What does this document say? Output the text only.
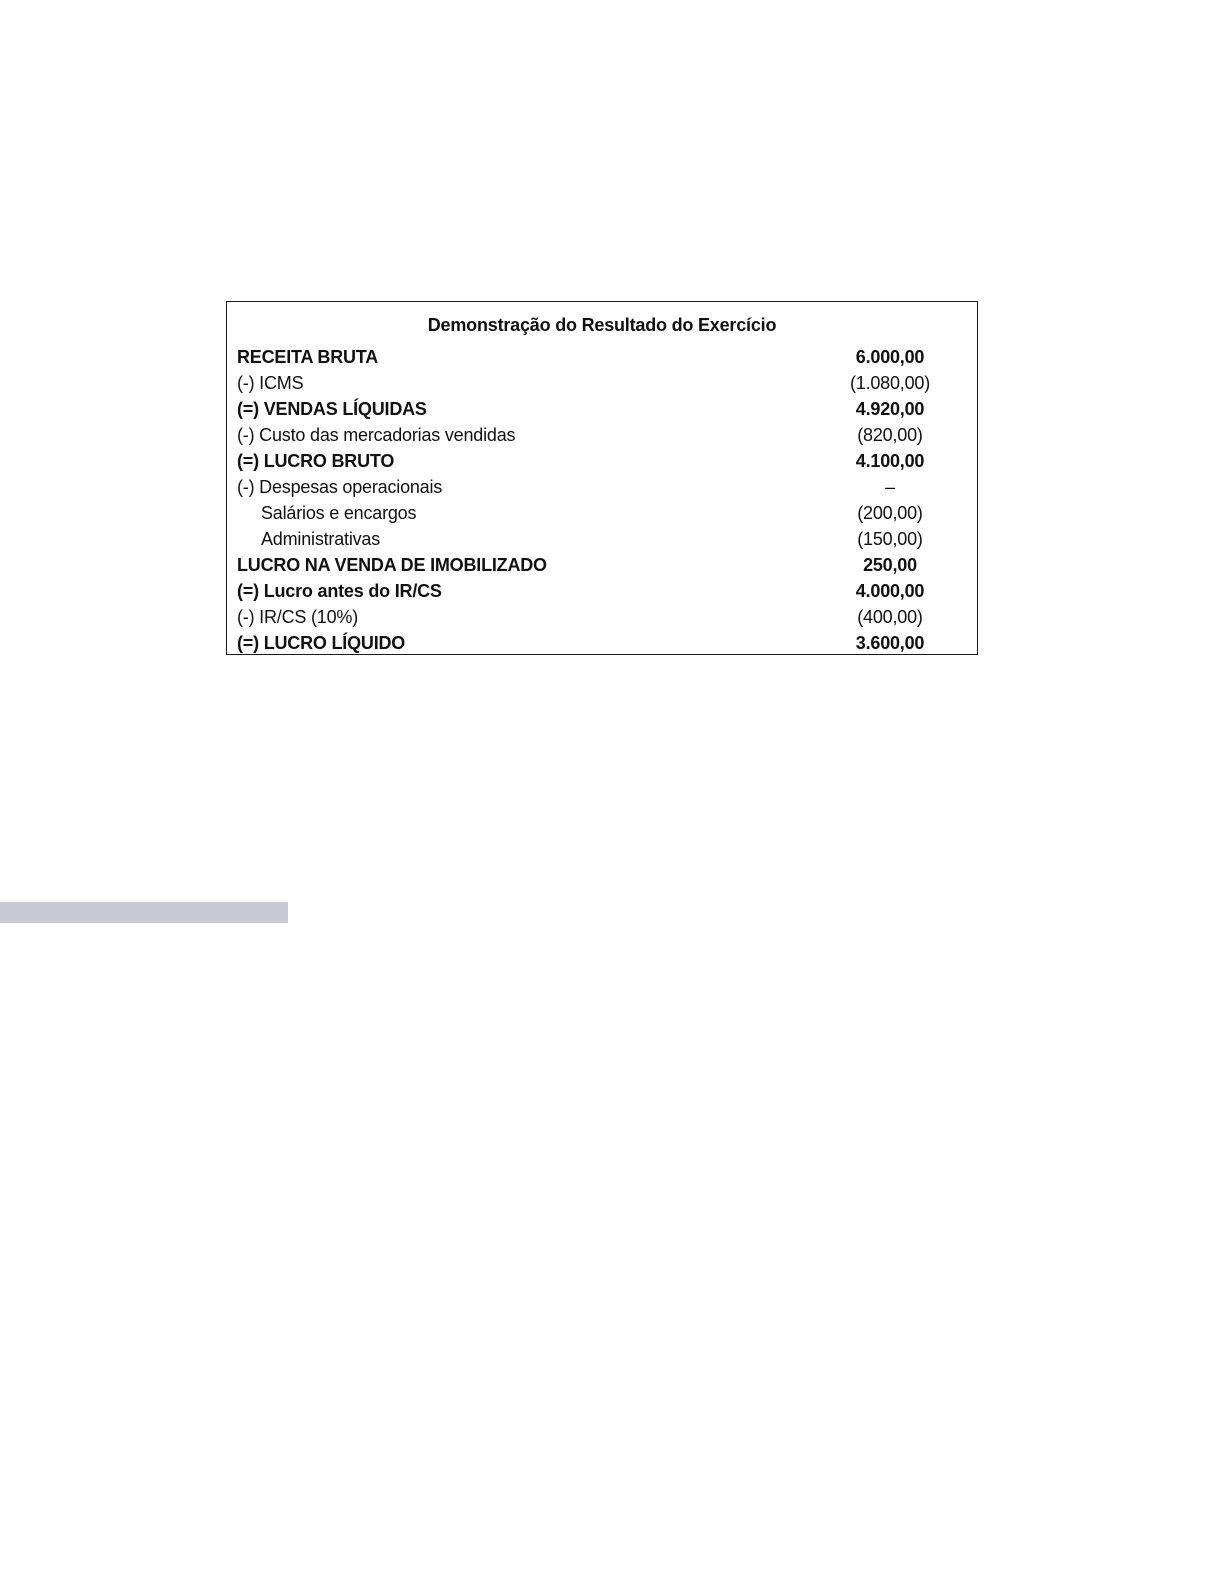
Demonstração do Resultado do Exercício
RECEITA BRUTA	6.000,00
(-) ICMS	(1.080,00)
(=) VENDAS LÍQUIDAS	4.920,00
(-) Custo das mercadorias vendidas	(820,00)
(=) LUCRO BRUTO	4.100,00
(-) Despesas operacionais	–
Salários e encargos	(200,00)
Administrativas	(150,00)
LUCRO NA VENDA DE IMOBILIZADO	250,00
(=) Lucro antes do IR/CS	4.000,00
(-) IR/CS (10%)	(400,00)
(=) LUCRO LÍQUIDO	3.600,00
